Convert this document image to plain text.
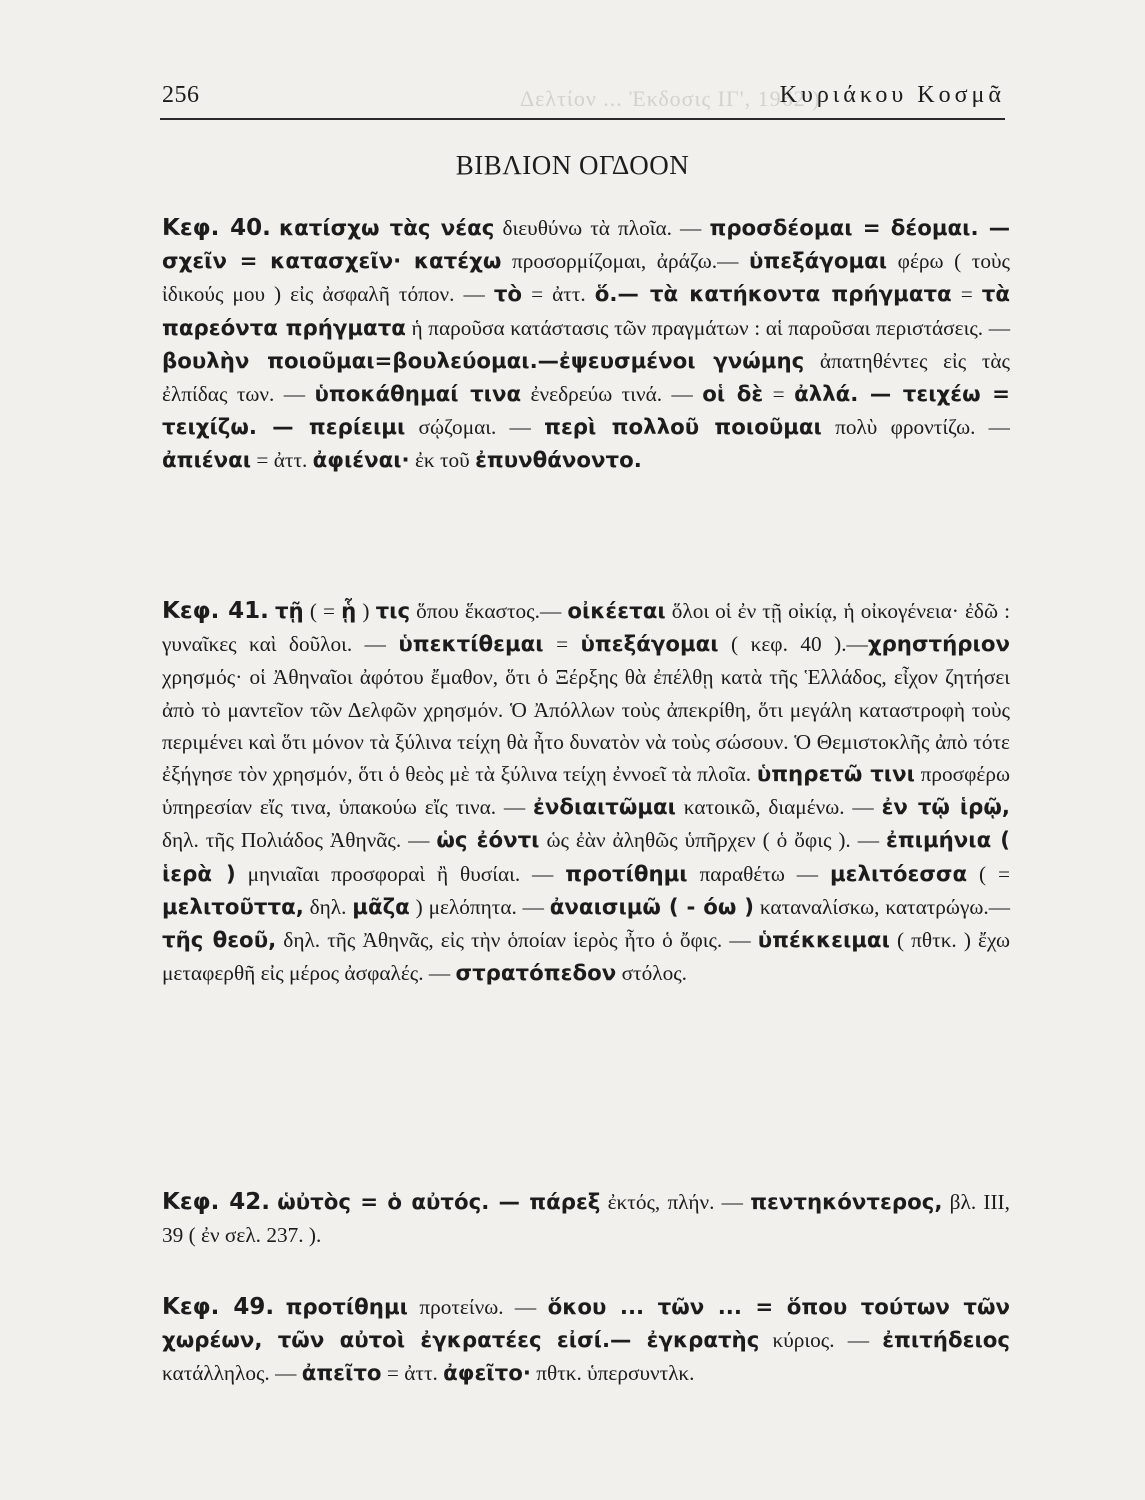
Δελτίον ... Ἐκδοσις ΙΓ', 1962 )
256	Κυριάκου Κοσμᾶ
ΒΙΒΛΙΟΝ ΟΓΔΟΟΝ

Κεφ. 40. κατίσχω τὰς νέας διευθύνω τὰ πλοῖα. — προσδέομαι = δέομαι. — σχεῖν = κατασχεῖν· κατέχω προσορμίζομαι, ἀράζω.— ὑπεξάγομαι φέρω ( τοὺς ἰδικούς μου ) εἰς ἀσφαλῆ τόπον. — τὸ = ἀττ. ὅ.— τὰ κατήκοντα πρήγματα = τὰ παρεόντα πρήγματα ἡ παροῦσα κατάστασις τῶν πραγμάτων : αἱ παροῦσαι περιστάσεις. — βουλὴν ποιοῦμαι=βουλεύομαι.—ἐψευσμένοι γνώμης ἀπατηθέντες εἰς τὰς ἐλπίδας των. — ὑποκάθημαί τινα ἐνεδρεύω τινά. — οἱ δὲ = ἀλλά. — τειχέω = τειχίζω. — περίειμι σῴζομαι. — περὶ πολλοῦ ποιοῦμαι πολὺ φροντίζω. — ἀπιέναι = ἀττ. ἀφιέναι· ἐκ τοῦ ἐπυνθάνοντο.

Κεφ. 41. τῇ ( = ᾗ ) τις ὅπου ἕκαστος.— οἰκέεται ὅλοι οἱ ἐν τῇ οἰκίᾳ, ἡ οἰκογένεια· ἐδῶ : γυναῖκες καὶ δοῦλοι. — ὑπεκτίθεμαι = ὑπεξάγομαι ( κεφ. 40 ).—χρηστήριον χρησμός· οἱ Ἀθηναῖοι ἀφότου ἔμαθον, ὅτι ὁ Ξέρξης θὰ ἐπέλθῃ κατὰ τῆς Ἑλλάδος, εἶχον ζητήσει ἀπὸ τὸ μαντεῖον τῶν Δελφῶν χρησμόν. Ὁ Ἀπόλλων τοὺς ἀπεκρίθη, ὅτι μεγάλη καταστροφὴ τοὺς περιμένει καὶ ὅτι μόνον τὰ ξύλινα τείχη θὰ ἦτο δυνατὸν νὰ τοὺς σώσουν. Ὁ Θεμιστοκλῆς ἀπὸ τότε ἐξήγησε τὸν χρησμόν, ὅτι ὁ θεὸς μὲ τὰ ξύλινα τείχη ἐννοεῖ τὰ πλοῖα. ὑπηρετῶ τινι προσφέρω ὑπηρεσίαν εἴς τινα, ὑπακούω εἴς τινα. — ἐνδιαιτῶμαι κατοικῶ, διαμένω. — ἐν τῷ ἱρῷ, δηλ. τῆς Πολιάδος Ἀθηνᾶς. — ὡς ἐόντι ὡς ἐὰν ἀληθῶς ὑπῆρχεν ( ὁ ὄφις ). — ἐπιμήνια ( ἱερὰ ) μηνιαῖαι προσφοραὶ ἢ θυσίαι. — προτίθημι παραθέτω — μελιτόεσσα ( = μελιτοῦττα, δηλ. μᾶζα ) μελόπητα. — ἀναισιμῶ ( - όω ) καταναλίσκω, κατατρώγω.— τῆς θεοῦ, δηλ. τῆς Ἀθηνᾶς, εἰς τὴν ὁποίαν ἱερὸς ἦτο ὁ ὄφις. — ὑπέκκειμαι ( πθτκ. ) ἔχω μεταφερθῆ εἰς μέρος ἀσφαλές. — στρατόπεδον στόλος.

Κεφ. 42. ὡὐτὸς = ὁ αὐτός. — πάρεξ ἐκτός, πλήν. — πεντηκόντερος, βλ. III, 39 ( ἐν σελ. 237. ).

Κεφ. 49. προτίθημι προτείνω. — ὅκου ... τῶν ... = ὅπου τούτων τῶν χωρέων, τῶν αὐτοὶ ἐγκρατέες εἰσί.— ἐγκρατὴς κύριος. — ἐπιτήδειος κατάλληλος. — ἀπεῖτο = ἀττ. ἀφεῖτο· πθτκ. ὑπερσυντλκ.
